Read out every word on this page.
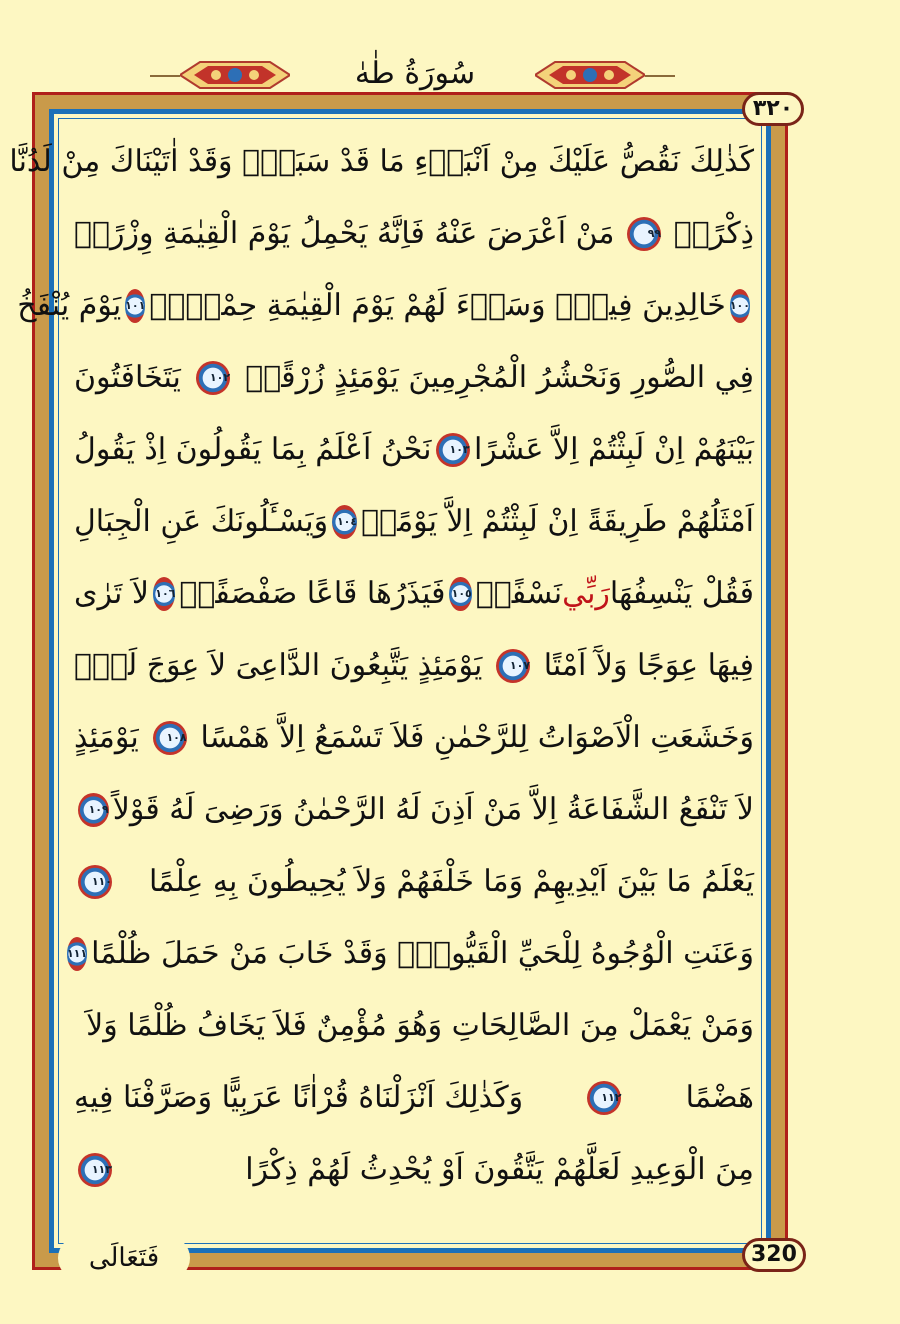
سُورَةُ طٰهٰ
٣٢٠
كَذٰلِكَ نَقُصُّ عَلَيْكَ مِنْ اَنْبَاۤءِ مَا قَدْ سَبَقَۚ وَقَدْ اٰتَيْنَاكَ مِنْ لَدُنَّا
ذِكْرًاۚ
٩٩
مَنْ اَعْرَضَ عَنْهُ فَاِنَّهُ يَحْمِلُ يَوْمَ الْقِيٰمَةِ وِزْرًاۙ
١٠٠
خَالِدِينَ فِيهِۜ وَسَاۤءَ لَهُمْ يَوْمَ الْقِيٰمَةِ حِمْلاًۙ
١٠١
يَوْمَ يُنْفَخُ
فِي الصُّورِ وَنَحْشُرُ الْمُجْرِمِينَ يَوْمَئِذٍ زُرْقًاۚ
١٠٢
يَتَخَافَتُونَ
بَيْنَهُمْ اِنْ لَبِثْتُمْ اِلاَّ عَشْرًا
١٠٣
نَحْنُ اَعْلَمُ بِمَا يَقُولُونَ اِذْ يَقُولُ
اَمْثَلُهُمْ طَرِيقَةً اِنْ لَبِثْتُمْ اِلاَّ يَوْمًاۤ
١٠٤
وَيَسْـَٔلُونَكَ عَنِ الْجِبَالِ
فَقُلْ يَنْسِفُهَا
رَبِّي
نَسْفًاۙ
١٠٥
فَيَذَرُهَا قَاعًا صَفْصَفًاۙ
١٠٦
لاَ تَرٰى
فِيهَا عِوَجًا وَلآَ اَمْتًا
١٠٧
يَوْمَئِذٍ يَتَّبِعُونَ الدَّاعِىَ لاَ عِوَجَ لَهُۚ
وَخَشَعَتِ الْاَصْوَاتُ لِلرَّحْمٰنِ فَلاَ تَسْمَعُ اِلاَّ هَمْسًا
١٠٨
يَوْمَئِذٍ
لاَ تَنْفَعُ الشَّفَاعَةُ اِلاَّ مَنْ اَذِنَ لَهُ الرَّحْمٰنُ وَرَضِىَ لَهُ قَوْلاً
١٠٩
يَعْلَمُ مَا بَيْنَ اَيْدِيهِمْ وَمَا خَلْفَهُمْ وَلاَ يُحِيطُونَ بِهِ عِلْمًا
١١٠
وَعَنَتِ الْوُجُوهُ لِلْحَيِّ الْقَيُّومِۜ وَقَدْ خَابَ مَنْ حَمَلَ ظُلْمًا
١١١
وَمَنْ يَعْمَلْ مِنَ الصَّالِحَاتِ وَهُوَ مُؤْمِنٌ فَلاَ يَخَافُ ظُلْمًا وَلاَ
هَضْمًا
١١٢
وَكَذٰلِكَ اَنْزَلْنَاهُ قُرْاٰنًا عَرَبِيًّا وَصَرَّفْنَا فِيهِ
مِنَ الْوَعِيدِ لَعَلَّهُمْ يَتَّقُونَ اَوْ يُحْدِثُ لَهُمْ ذِكْرًا
١١٣
320
فَتَعَالَى
